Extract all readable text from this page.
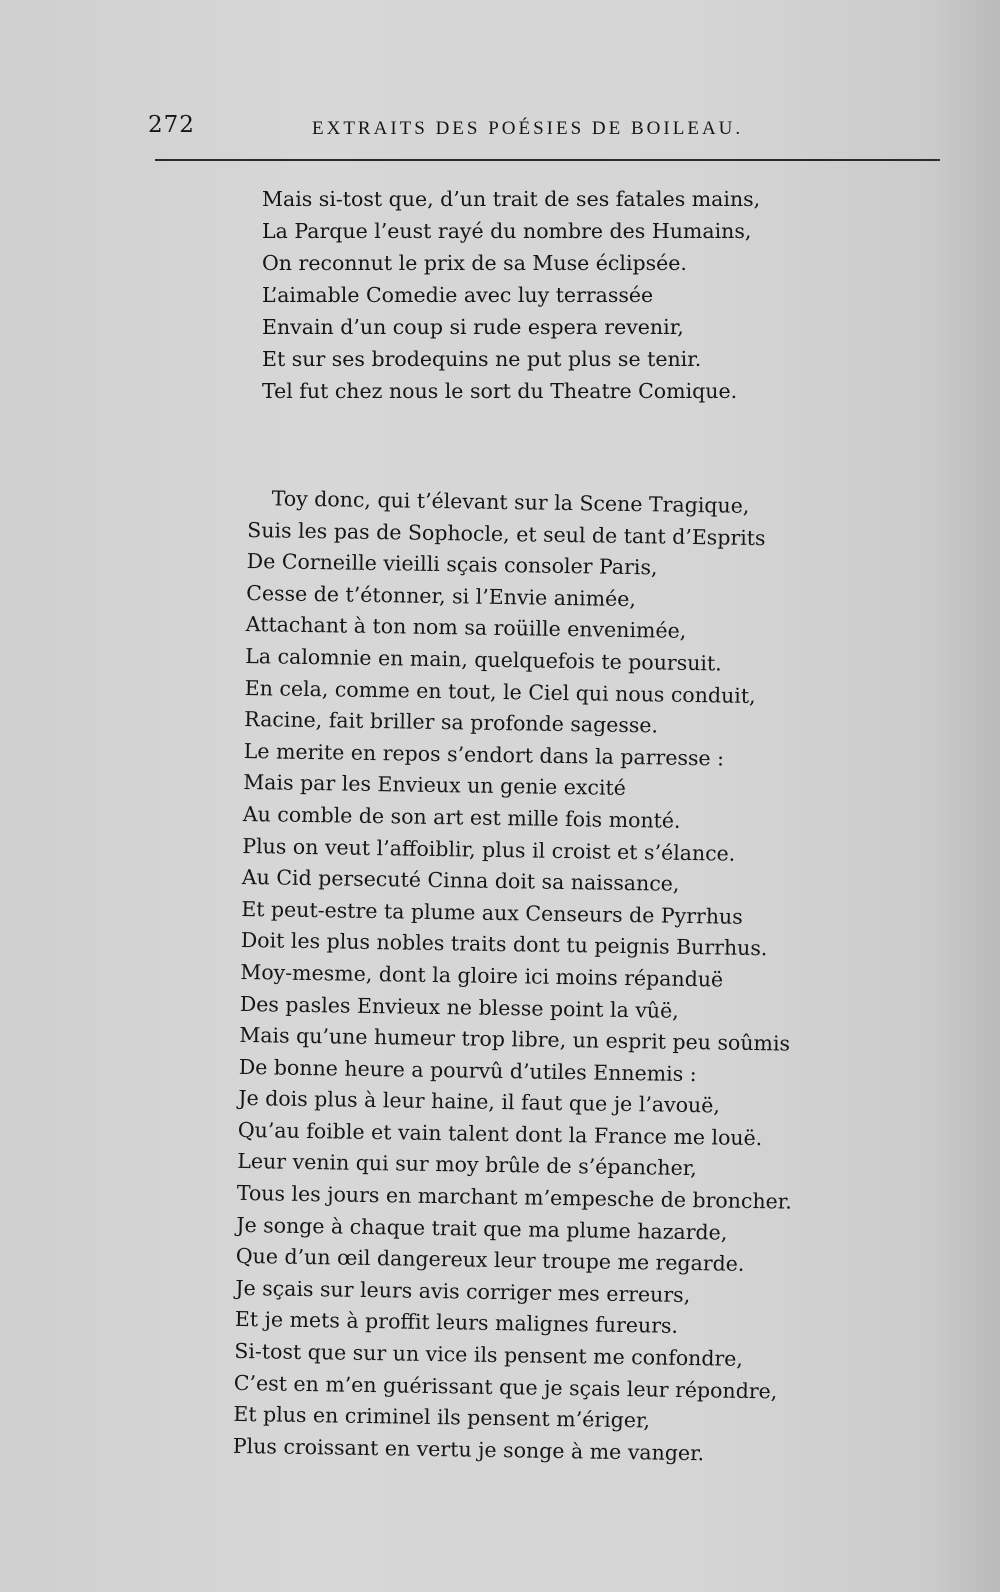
272	EXTRAITS DES POÉSIES DE BOILEAU.
Mais si-tost que, d’un trait de ses fatales mains,
La Parque l’eust rayé du nombre des Humains,
On reconnut le prix de sa Muse éclipsée.
L’aimable Comedie avec luy terrassée
Envain d’un coup si rude espera revenir,
Et sur ses brodequins ne put plus se tenir.
Tel fut chez nous le sort du Theatre Comique.
Toy donc, qui t’élevant sur la Scene Tragique,
Suis les pas de Sophocle, et seul de tant d’Esprits
De Corneille vieilli sçais consoler Paris,
Cesse de t’étonner, si l’Envie animée,
Attachant à ton nom sa roüille envenimée,
La calomnie en main, quelquefois te poursuit.
En cela, comme en tout, le Ciel qui nous conduit,
Racine, fait briller sa profonde sagesse.
Le merite en repos s’endort dans la parresse :
Mais par les Envieux un genie excité
Au comble de son art est mille fois monté.
Plus on veut l’affoiblir, plus il croist et s’élance.
Au Cid persecuté Cinna doit sa naissance,
Et peut-estre ta plume aux Censeurs de Pyrrhus
Doit les plus nobles traits dont tu peignis Burrhus.
Moy-mesme, dont la gloire ici moins répanduë
Des pasles Envieux ne blesse point la vûë,
Mais qu’une humeur trop libre, un esprit peu soûmis
De bonne heure a pourvû d’utiles Ennemis :
Je dois plus à leur haine, il faut que je l’avouë,
Qu’au foible et vain talent dont la France me louë.
Leur venin qui sur moy brûle de s’épancher,
Tous les jours en marchant m’empesche de broncher.
Je songe à chaque trait que ma plume hazarde,
Que d’un œil dangereux leur troupe me regarde.
Je sçais sur leurs avis corriger mes erreurs,
Et je mets à proffit leurs malignes fureurs.
Si-tost que sur un vice ils pensent me confondre,
C’est en m’en guérissant que je sçais leur répondre,
Et plus en criminel ils pensent m’ériger,
Plus croissant en vertu je songe à me vanger.
